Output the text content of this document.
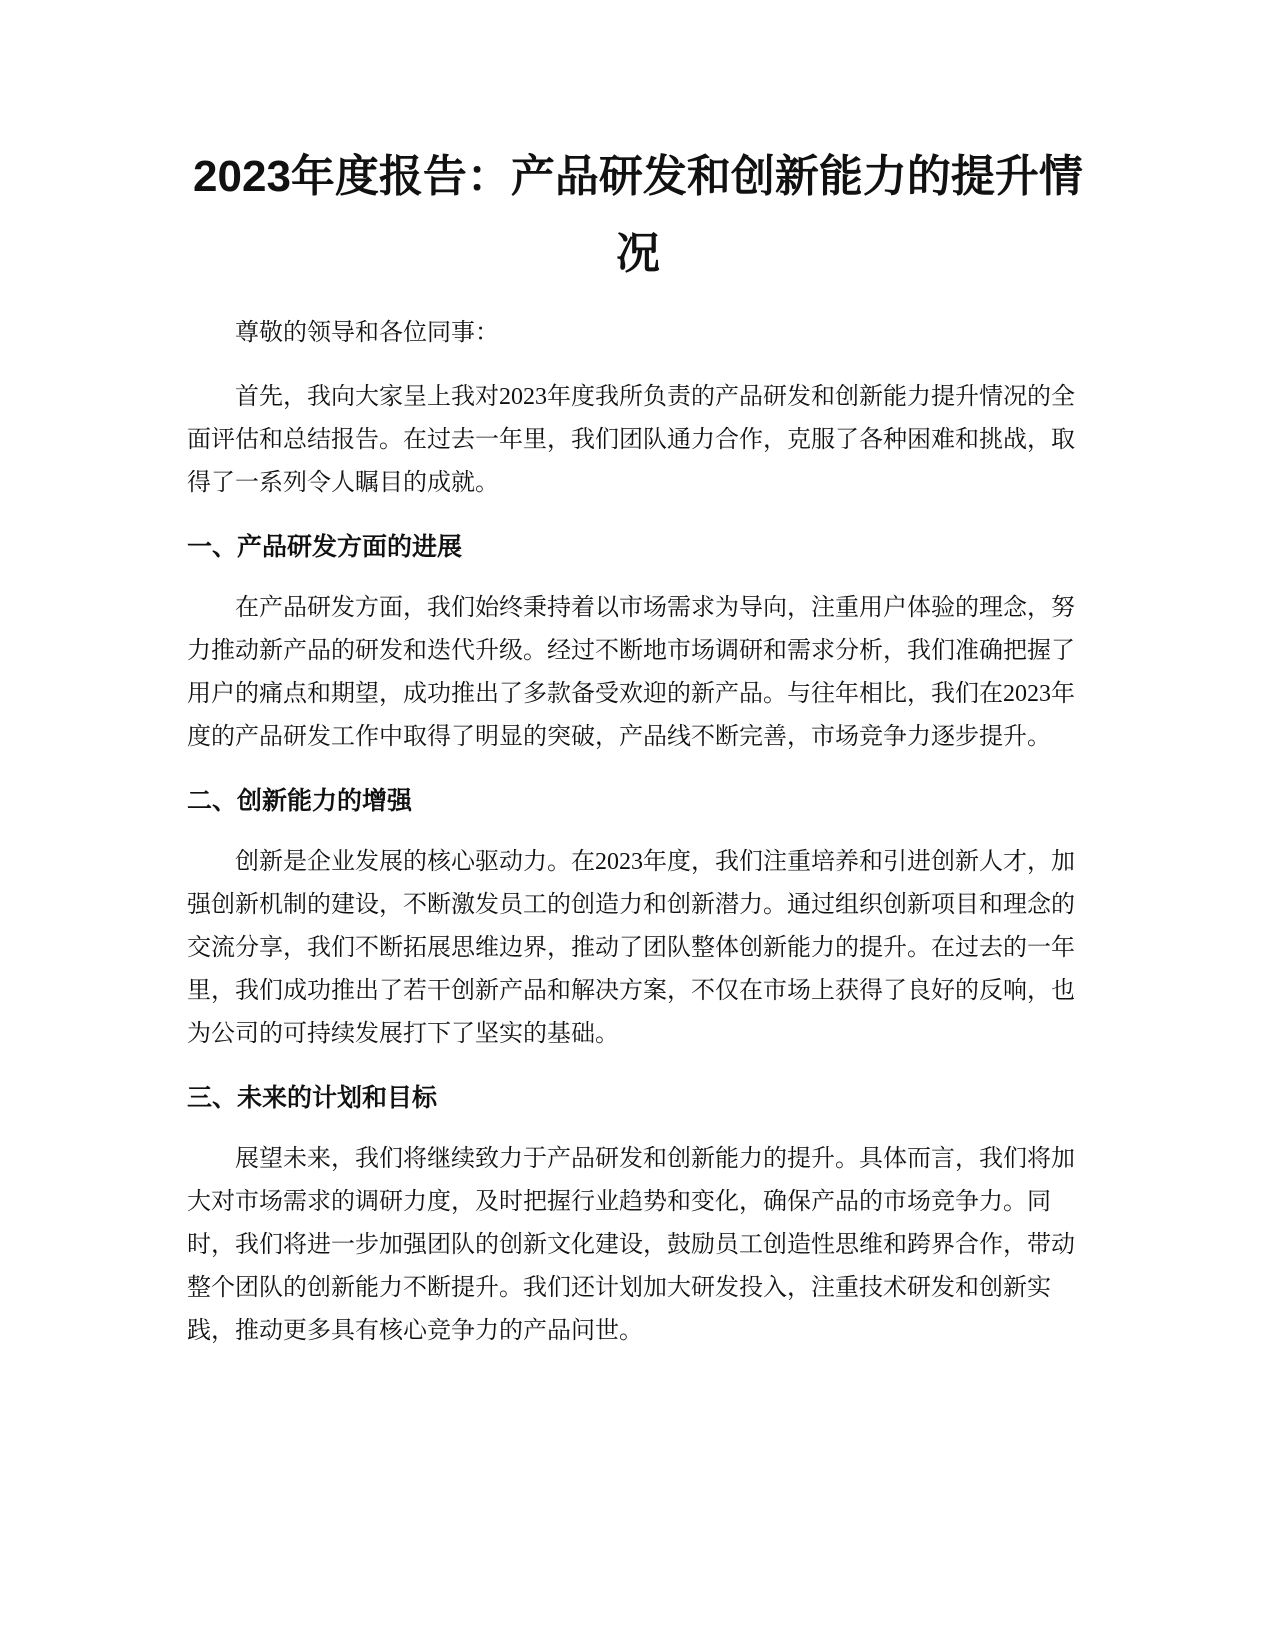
2023年度报告：产品研发和创新能力的提升情况

尊敬的领导和各位同事：

首先，我向大家呈上我对2023年度我所负责的产品研发和创新能力提升情况的全面评估和总结报告。在过去一年里，我们团队通力合作，克服了各种困难和挑战，取得了一系列令人瞩目的成就。

一、产品研发方面的进展

在产品研发方面，我们始终秉持着以市场需求为导向，注重用户体验的理念，努力推动新产品的研发和迭代升级。经过不断地市场调研和需求分析，我们准确把握了用户的痛点和期望，成功推出了多款备受欢迎的新产品。与往年相比，我们在2023年度的产品研发工作中取得了明显的突破，产品线不断完善，市场竞争力逐步提升。

二、创新能力的增强

创新是企业发展的核心驱动力。在2023年度，我们注重培养和引进创新人才，加强创新机制的建设，不断激发员工的创造力和创新潜力。通过组织创新项目和理念的交流分享，我们不断拓展思维边界，推动了团队整体创新能力的提升。在过去的一年里，我们成功推出了若干创新产品和解决方案，不仅在市场上获得了良好的反响，也为公司的可持续发展打下了坚实的基础。

三、未来的计划和目标

展望未来，我们将继续致力于产品研发和创新能力的提升。具体而言，我们将加大对市场需求的调研力度，及时把握行业趋势和变化，确保产品的市场竞争力。同时，我们将进一步加强团队的创新文化建设，鼓励员工创造性思维和跨界合作，带动整个团队的创新能力不断提升。我们还计划加大研发投入，注重技术研发和创新实践，推动更多具有核心竞争力的产品问世。
